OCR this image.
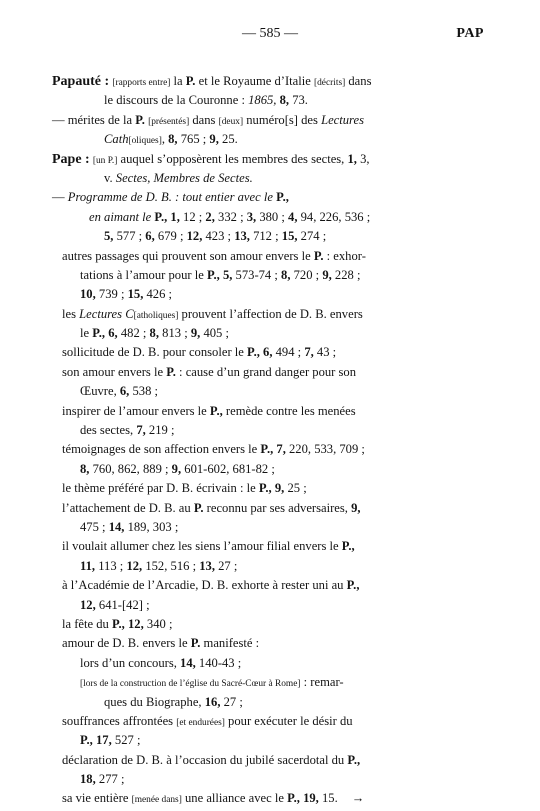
— 585 —	PAP
Papauté : [rapports entre] la P. et le Royaume d’Italie [décrits] dans
le discours de la Couronne : 1865, 8, 73.
— mérites de la P. [présentés] dans [deux] numéro[s] des Lectures
Cath[oliques], 8, 765 ; 9, 25.
Pape : [un P.] auquel s’opposèrent les membres des sectes, 1, 3,
v. Sectes, Membres de Sectes.
— Programme de D. B. : tout entier avec le P.,
en aimant le P., 1, 12 ; 2, 332 ; 3, 380 ; 4, 94, 226, 536 ;
5, 577 ; 6, 679 ; 12, 423 ; 13, 712 ; 15, 274 ;
autres passages qui prouvent son amour envers le P. : exhor-
tations à l’amour pour le P., 5, 573-74 ; 8, 720 ; 9, 228 ;
10, 739 ; 15, 426 ;
les Lectures C[atholiques] prouvent l’affection de D. B. envers
le P., 6, 482 ; 8, 813 ; 9, 405 ;
sollicitude de D. B. pour consoler le P., 6, 494 ; 7, 43 ;
son amour envers le P. : cause d’un grand danger pour son
Œuvre, 6, 538 ;
inspirer de l’amour envers le P., remède contre les menées
des sectes, 7, 219 ;
témoignages de son affection envers le P., 7, 220, 533, 709 ;
8, 760, 862, 889 ; 9, 601-602, 681-82 ;
le thème préféré par D. B. écrivain : le P., 9, 25 ;
l’attachement de D. B. au P. reconnu par ses adversaires, 9,
475 ; 14, 189, 303 ;
il voulait allumer chez les siens l’amour filial envers le P.,
11, 113 ; 12, 152, 516 ; 13, 27 ;
à l’Académie de l’Arcadie, D. B. exhorte à rester uni au P.,
12, 641-[42] ;
la fête du P., 12, 340 ;
amour de D. B. envers le P. manifesté :
lors d’un concours, 14, 140-43 ;
[lors de la construction de l’église du Sacré-Cœur à Rome] : remar-
ques du Biographe, 16, 27 ;
souffrances affrontées [et endurées] pour exécuter le désir du
P., 17, 527 ;
déclaration de D. B. à l’occasion du jubilé sacerdotal du P.,
18, 277 ;
sa vie entière [menée dans] une alliance avec le P., 19, 15. →
